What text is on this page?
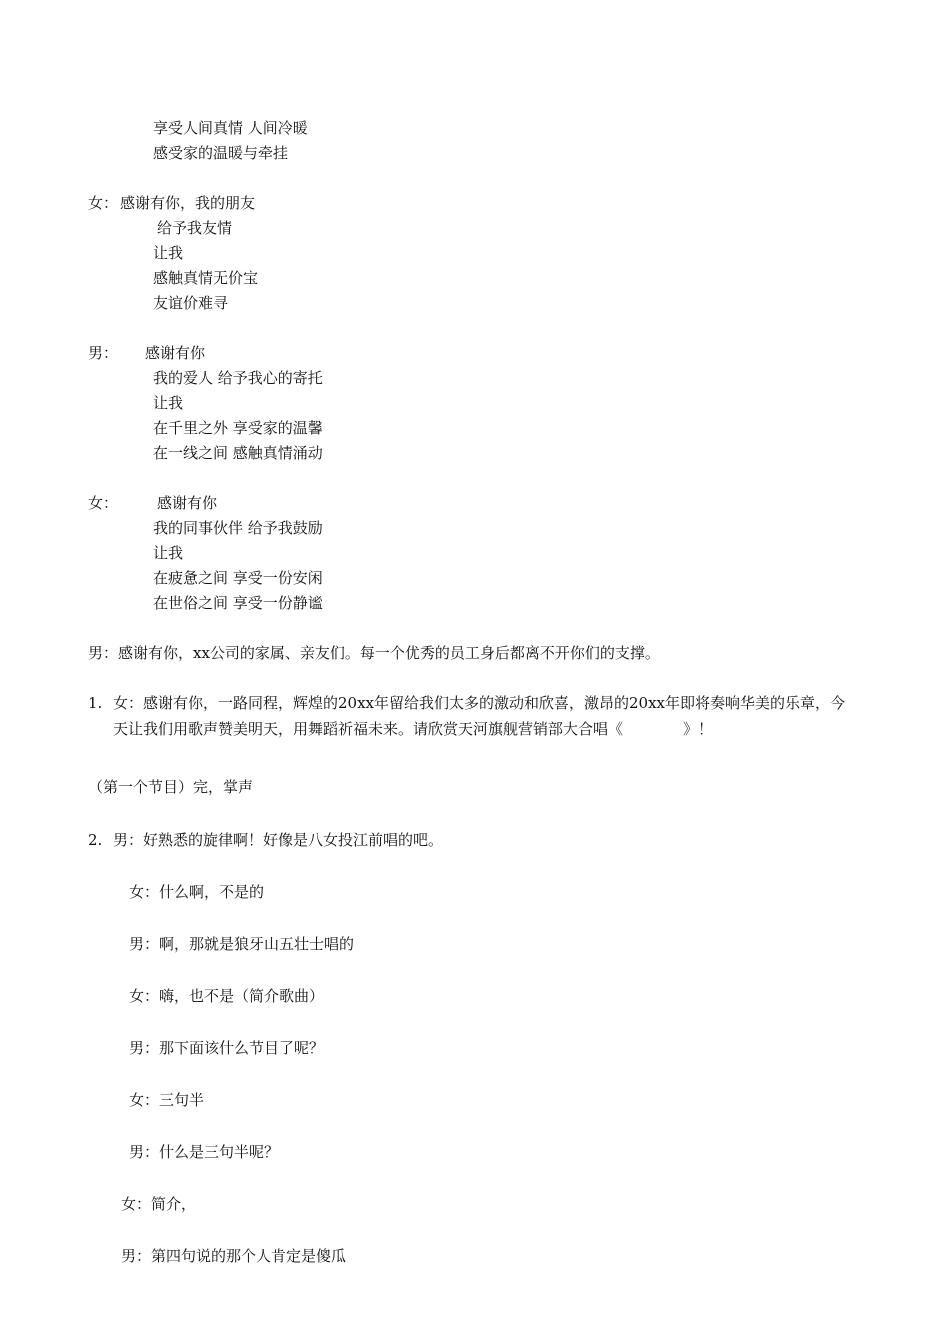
享受人间真情 人间冷暖
感受家的温暖与牵挂
女： 感谢有你，我的朋友
给予我友情
让我
感触真情无价宝
友谊价难寻
男： 感谢有你
我的爱人 给予我心的寄托
让我
在千里之外 享受家的温馨
在一线之间 感触真情涌动
女：	感谢有你
我的同事伙伴 给予我鼓励
让我
在疲惫之间 享受一份安闲
在世俗之间 享受一份静谧
男：感谢有你，xx公司的家属、亲友们。每一个优秀的员工身后都离不开你们的支撑。
1. 女：感谢有你，一路同程，辉煌的20xx年留给我们太多的激动和欣喜，激昂的20xx年即将奏响华美的乐章，今天让我们用歌声赞美明天，用舞蹈祈福未来。请欣赏天河旗舰营销部大合唱《　　　　》！
（第一个节目）完，掌声
2. 男：好熟悉的旋律啊！好像是八女投江前唱的吧。
女：什么啊，不是的
男：啊，那就是狼牙山五壮士唱的
女：嗨，也不是（简介歌曲）
男：那下面该什么节目了呢？
女：三句半
男：什么是三句半呢？
女：简介，
男：第四句说的那个人肯定是傻瓜
